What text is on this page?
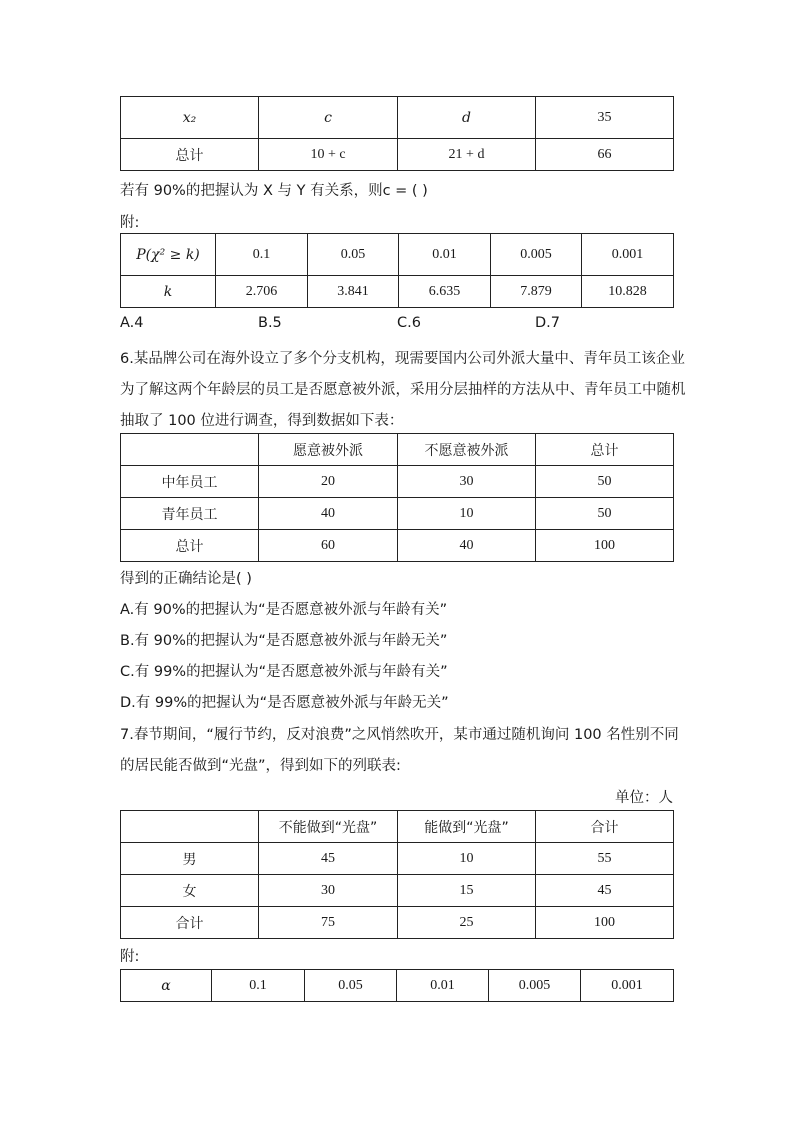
x₂	c	d	35
总计	10 + c	21 + d	66
若有 90%的把握认为 X 与 Y 有关系，则c = ( )
附:
P(χ² ≥ k)	0.1	0.05	0.01	0.005	0.001
k	2.706	3.841	6.635	7.879	10.828
A.4	B.5	C.6	D.7
6.某品牌公司在海外设立了多个分支机构，现需要国内公司外派大量中、青年员工该企业
为了解这两个年龄层的员工是否愿意被外派，采用分层抽样的方法从中、青年员工中随机
抽取了 100 位进行调查，得到数据如下表：
	愿意被外派	不愿意被外派	总计
中年员工	20	30	50
青年员工	40	10	50
总计	60	40	100
得到的正确结论是( )
A.有 90%的把握认为“是否愿意被外派与年龄有关”
B.有 90%的把握认为“是否愿意被外派与年龄无关”
C.有 99%的把握认为“是否愿意被外派与年龄有关”
D.有 99%的把握认为“是否愿意被外派与年龄无关”
7.春节期间，“履行节约，反对浪费”之风悄然吹开，某市通过随机询问 100 名性别不同
的居民能否做到“光盘”，得到如下的列联表:
单位：人
	不能做到“光盘”	能做到“光盘”	合计
男	45	10	55
女	30	15	45
合计	75	25	100
附:
α	0.1	0.05	0.01	0.005	0.001
